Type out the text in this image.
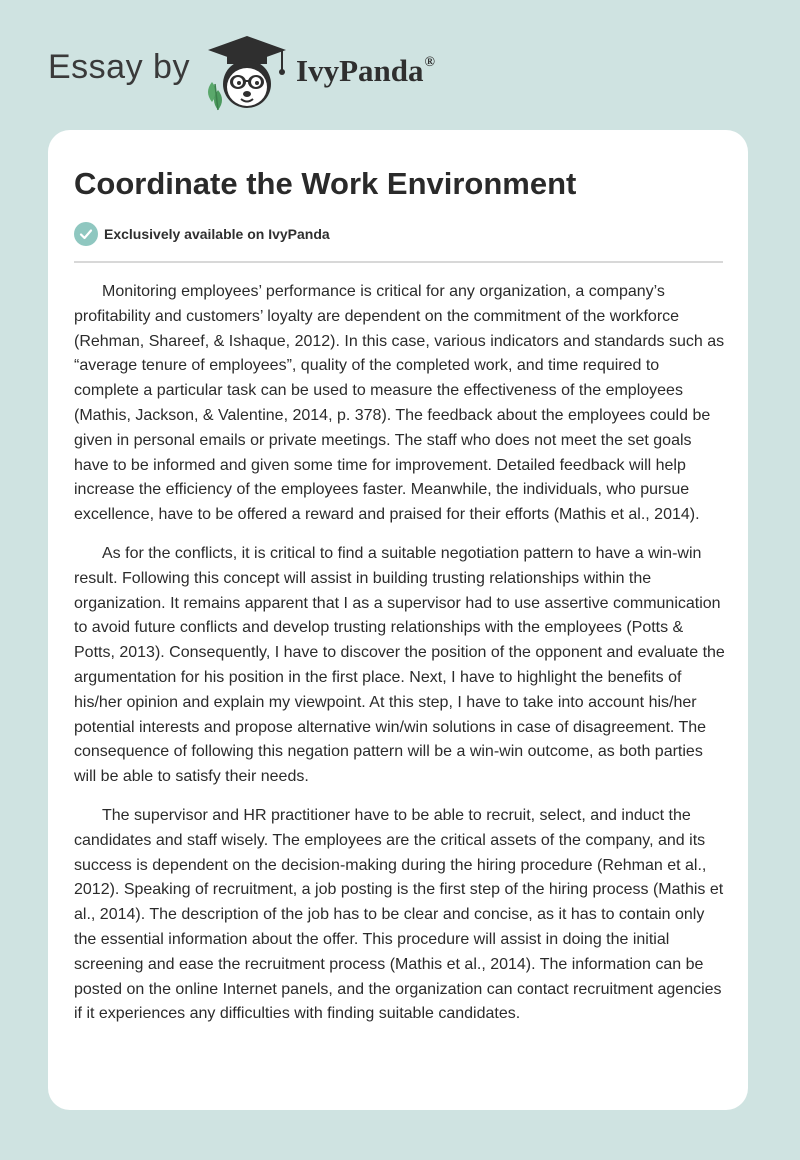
Essay by	IvyPanda®
Coordinate the Work Environment
Exclusively available on IvyPanda

Monitoring employees’ performance is critical for any organization, a company’s profitability and customers’ loyalty are dependent on the commitment of the workforce (Rehman, Shareef, & Ishaque, 2012). In this case, various indicators and standards such as “average tenure of employees”, quality of the completed work, and time required to complete a particular task can be used to measure the effectiveness of the employees (Mathis, Jackson, & Valentine, 2014, p. 378). The feedback about the employees could be given in personal emails or private meetings. The staff who does not meet the set goals have to be informed and given some time for improvement. Detailed feedback will help increase the efficiency of the employees faster. Meanwhile, the individuals, who pursue excellence, have to be offered a reward and praised for their efforts (Mathis et al., 2014).

As for the conflicts, it is critical to find a suitable negotiation pattern to have a win-win result. Following this concept will assist in building trusting relationships within the organization. It remains apparent that I as a supervisor had to use assertive communication to avoid future conflicts and develop trusting relationships with the employees (Potts & Potts, 2013). Consequently, I have to discover the position of the opponent and evaluate the argumentation for his position in the first place. Next, I have to highlight the benefits of his/her opinion and explain my viewpoint. At this step, I have to take into account his/her potential interests and propose alternative win/win solutions in case of disagreement. The consequence of following this negation pattern will be a win-win outcome, as both parties will be able to satisfy their needs.

The supervisor and HR practitioner have to be able to recruit, select, and induct the candidates and staff wisely. The employees are the critical assets of the company, and its success is dependent on the decision-making during the hiring procedure (Rehman et al., 2012). Speaking of recruitment, a job posting is the first step of the hiring process (Mathis et al., 2014). The description of the job has to be clear and concise, as it has to contain only the essential information about the offer. This procedure will assist in doing the initial screening and ease the recruitment process (Mathis et al., 2014). The information can be posted on the online Internet panels, and the organization can contact recruitment agencies if it experiences any difficulties with finding suitable candidates.
